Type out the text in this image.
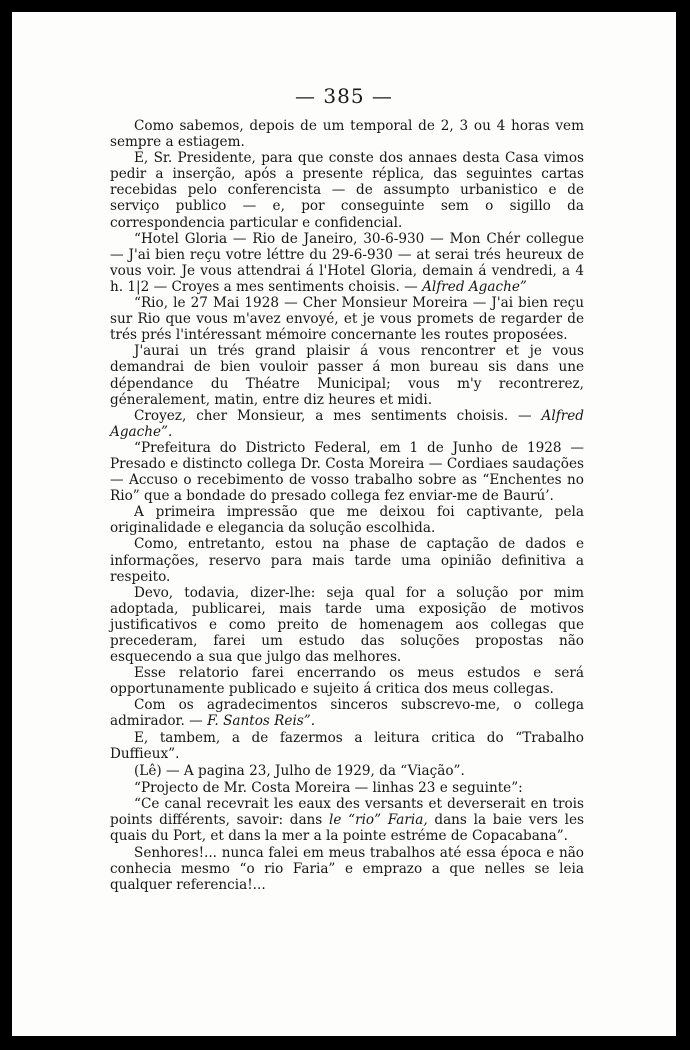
— 385 —

Como sabemos, depois de um temporal de 2, 3 ou 4 horas vem sempre a estiagem.

E, Sr. Presidente, para que conste dos annaes desta Casa vimos pedir a inserção, após a presente réplica, das seguintes cartas recebidas pelo conferencista — de assumpto urbanistico e de serviço publico — e, por conseguinte sem o sigillo da correspondencia particular e confidencial.

“Hotel Gloria — Rio de Janeiro, 30-6-930 — Mon Chér collegue — J'ai bien reçu votre léttre du 29-6-930 — at serai trés heureux de vous voir. Je vous attendrai á l'Hotel Gloria, demain á vendredi, a 4 h. 1|2 — Croyes a mes sentiments choisis. — Alfred Agache”

“Rio, le 27 Mai 1928 — Cher Monsieur Moreira — J'ai bien reçu sur Rio que vous m'avez envoyé, et je vous promets de regarder de trés prés l'intéressant mémoire concernante les routes proposées.

J'aurai un trés grand plaisir á vous rencontrer et je vous demandrai de bien vouloir passer á mon bureau sis dans une dépendance du Théatre Municipal; vous m'y recontrerez, géneralement, matin, entre diz heures et midi.

Croyez, cher Monsieur, a mes sentiments choisis. — Alfred Agache”.

“Prefeitura do Districto Federal, em 1 de Junho de 1928 — Presado e distincto collega Dr. Costa Moreira — Cordiaes saudações — Accuso o recebimento de vosso trabalho sobre as “Enchentes no Rio” que a bondade do presado collega fez enviar-me de Baurú’.

A primeira impressão que me deixou foi captivante, pela originalidade e elegancia da solução escolhida.

Como, entretanto, estou na phase de captação de dados e informações, reservo para mais tarde uma opinião definitiva a respeito.

Devo, todavia, dizer-lhe: seja qual for a solução por mim adoptada, publicarei, mais tarde uma exposição de motivos justificativos e como preito de homenagem aos collegas que precederam, farei um estudo das soluções propostas não esquecendo a sua que julgo das melhores.

Esse relatorio farei encerrando os meus estudos e será opportunamente publicado e sujeito á critica dos meus collegas.

Com os agradecimentos sinceros subscrevo-me, o collega admirador. — F. Santos Reis”.

E, tambem, a de fazermos a leitura critica do “Trabalho Duffieux”.

(Lê) — A pagina 23, Julho de 1929, da “Viação”.

“Projecto de Mr. Costa Moreira — linhas 23 e seguinte”:

“Ce canal recevrait les eaux des versants et deverserait en trois points différents, savoir: dans le “rio” Faria, dans la baie vers les quais du Port, et dans la mer a la pointe estréme de Copacabana”.

Senhores!... nunca falei em meus trabalhos até essa época e não conhecia mesmo “o rio Faria” e emprazo a que nelles se leia qualquer referencia!...
